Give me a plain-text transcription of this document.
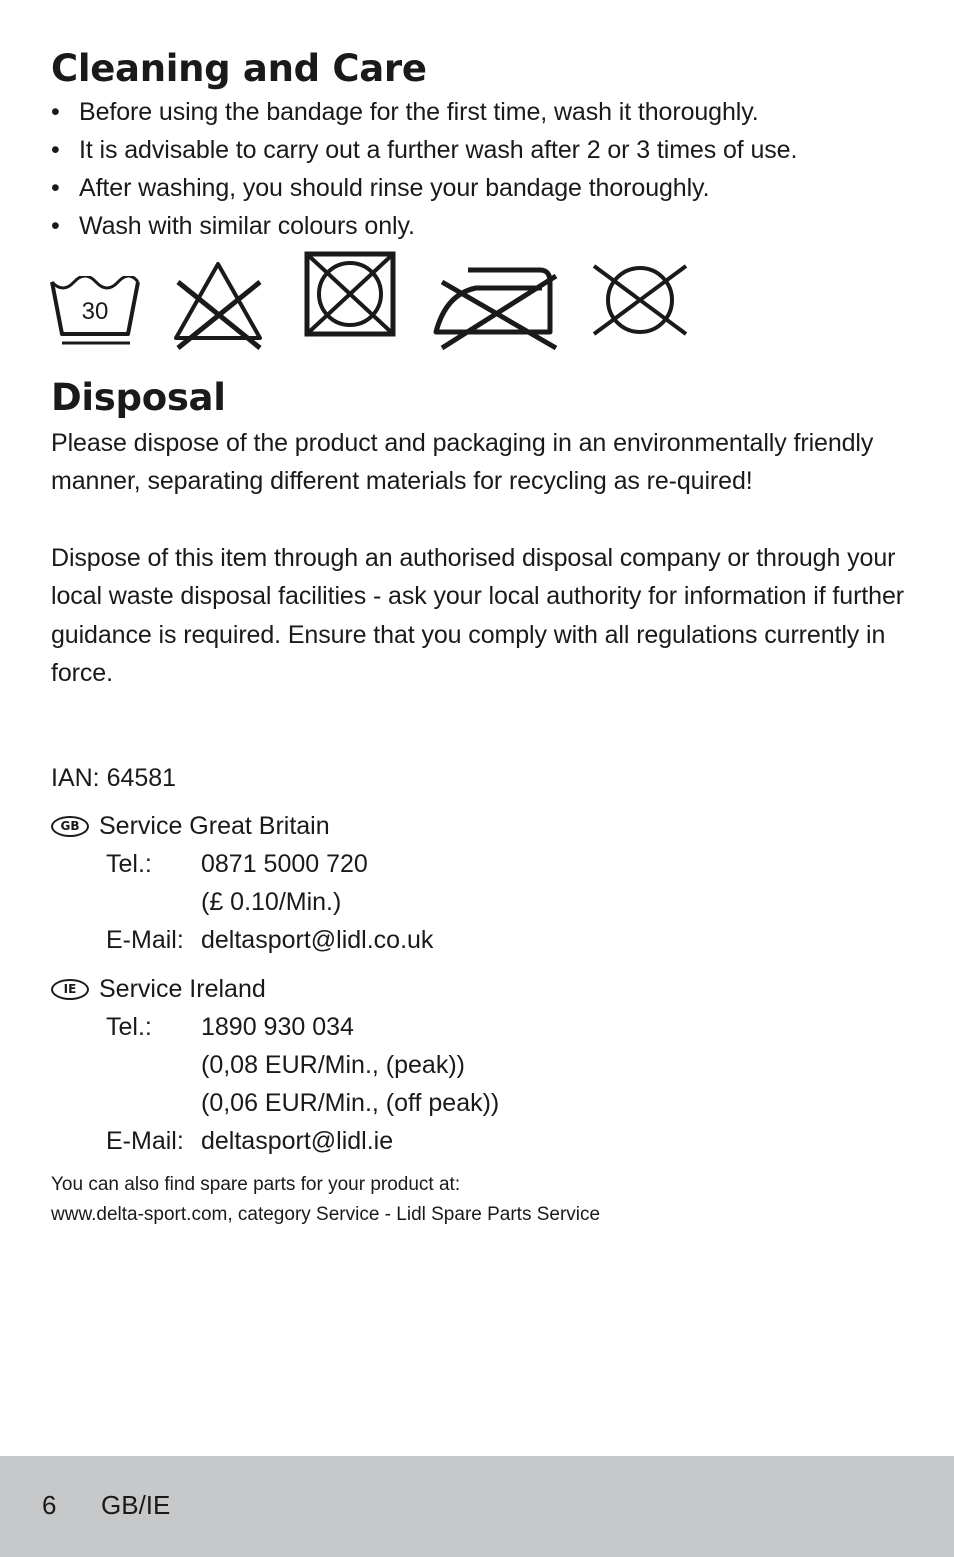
Cleaning and Care
• Before using the bandage for the first time, wash it thoroughly.
• It is advisable to carry out a further wash after 2 or 3 times of use.
• After washing, you should rinse your bandage thoroughly.
• Wash with similar colours only.
30
Disposal

Please dispose of the product and packaging in an environmentally friendly manner, separating different materials for recycling as re-quired!

Dispose of this item through an authorised disposal company or through your local waste disposal facilities - ask your local authority for information if further guidance is required. Ensure that you comply with all regulations currently in force.

IAN: 64581
GB Service Great Britain
Tel.: 0871 5000 720
(£ 0.10/Min.)
E-Mail: deltasport@lidl.co.uk
IE Service Ireland
Tel.: 1890 930 034
(0,08 EUR/Min., (peak))
(0,06 EUR/Min., (off peak))
E-Mail: deltasport@lidl.ie
You can also find spare parts for your product at:
www.delta-sport.com, category Service - Lidl Spare Parts Service
6 GB/IE
